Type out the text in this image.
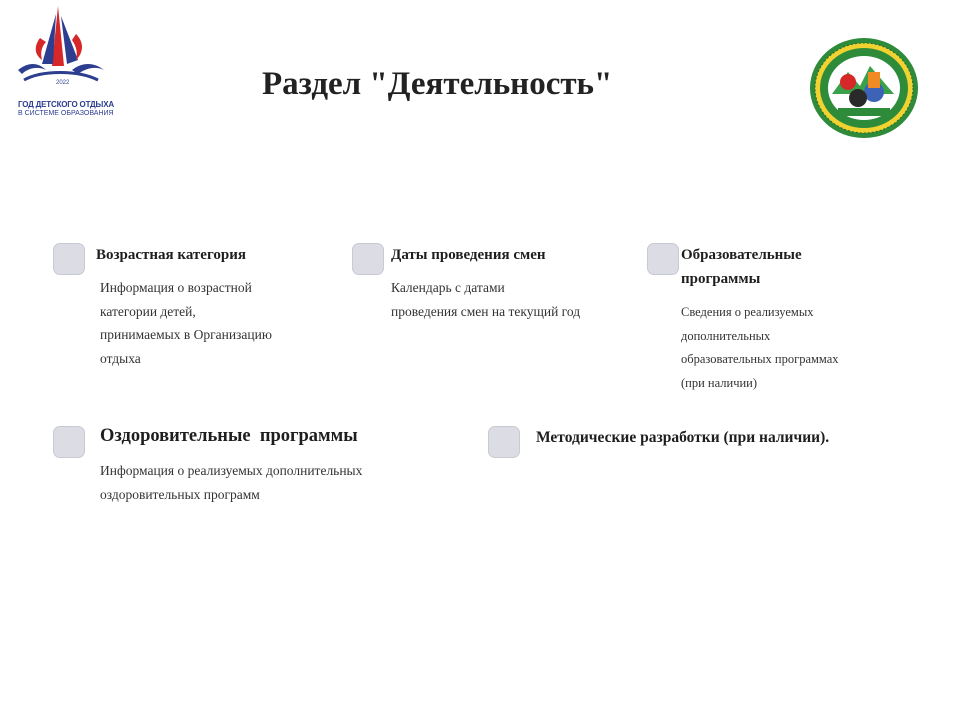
2022
ГОД ДЕТСКОГО ОТДЫХА
В СИСТЕМЕ ОБРАЗОВАНИЯ
Раздел "Деятельность"
Возрастная категория
Информация о возрастной
категории детей,
принимаемых в Организацию
отдыха
Даты проведения смен
Календарь с датами
проведения смен на текущий год
Образовательные
программы
Сведения о реализуемых
дополнительных
образовательных программах
(при наличии)
Оздоровительные  программы
Информация о реализуемых дополнительных
оздоровительных программ
Методические разработки (при наличии).
